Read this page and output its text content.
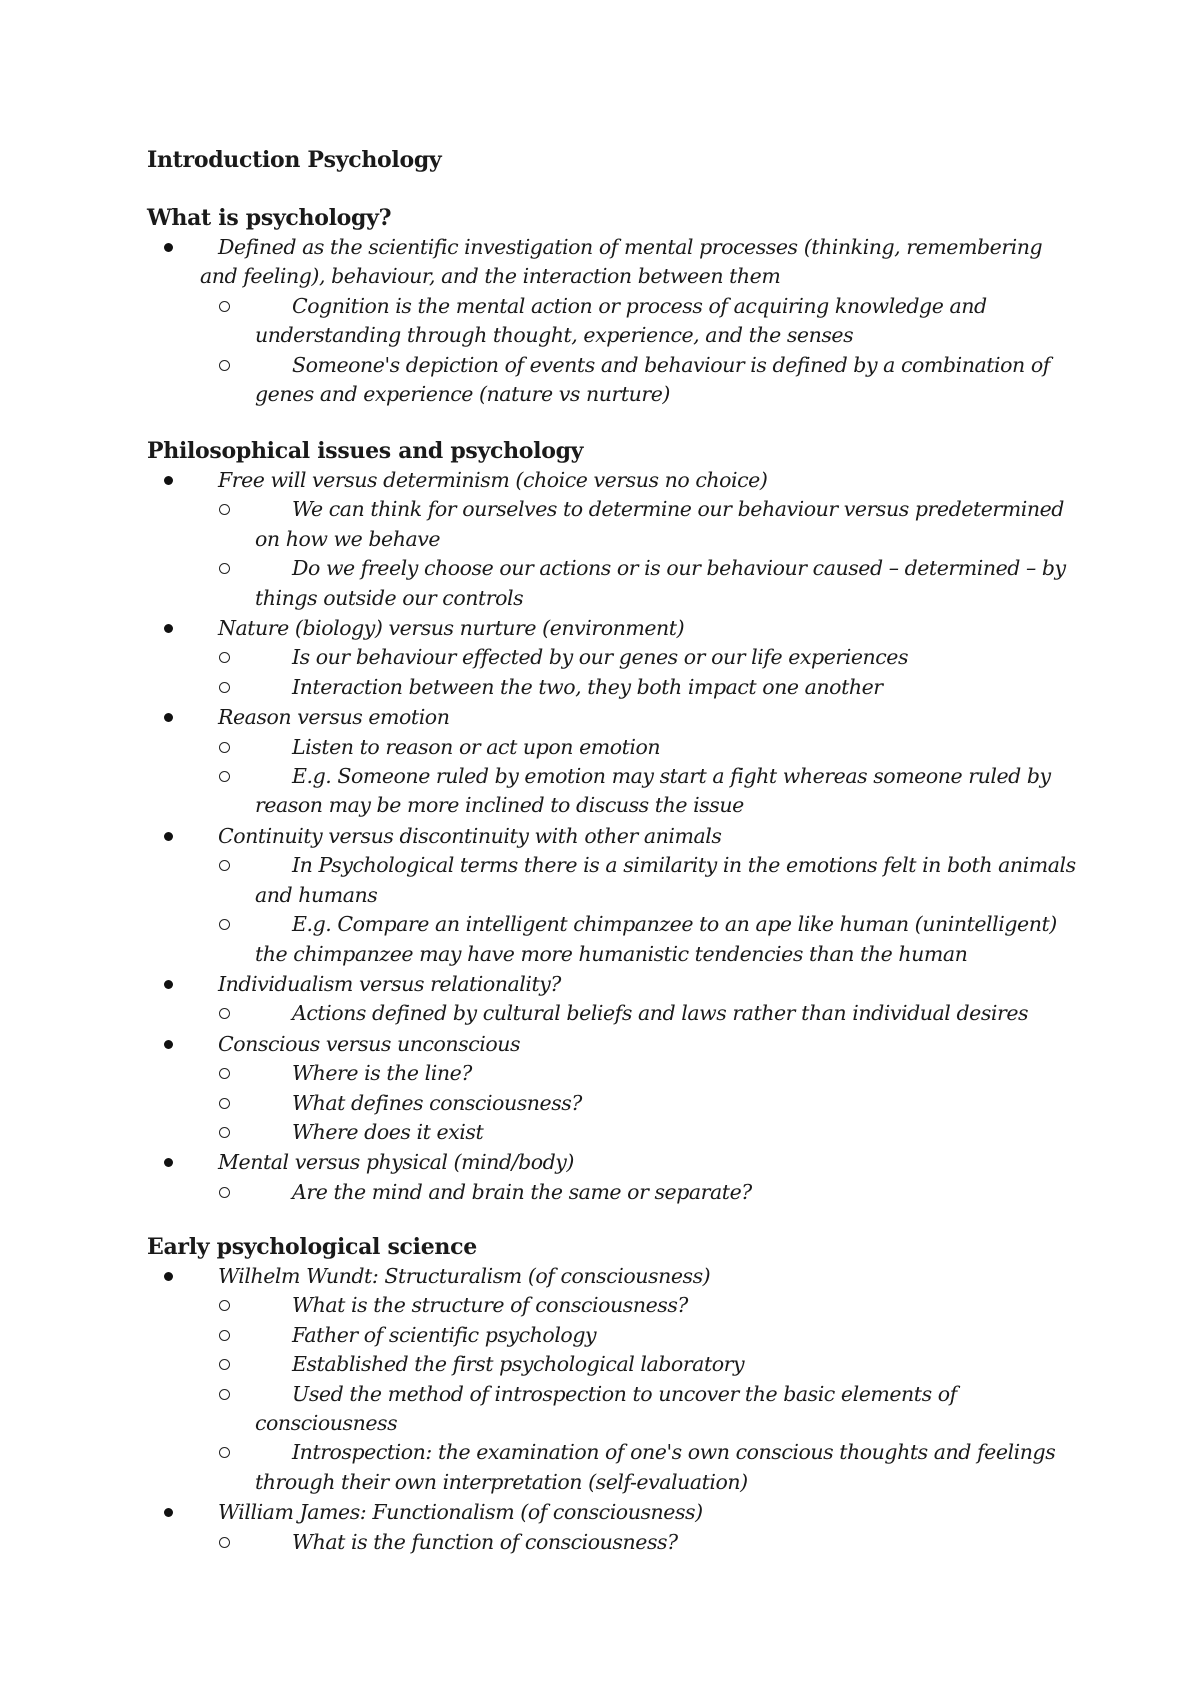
Introduction Psychology
What is psychology?
Defined as the scientific investigation of mental processes (thinking, remembering and feeling), behaviour, and the interaction between them
Cognition is the mental action or process of acquiring knowledge and understanding through thought, experience, and the senses
Someone's depiction of events and behaviour is defined by a combination of genes and experience (nature vs nurture)
Philosophical issues and psychology
Free will versus determinism (choice versus no choice)
We can think for ourselves to determine our behaviour versus predetermined on how we behave
Do we freely choose our actions or is our behaviour caused – determined – by things outside our controls
Nature (biology) versus nurture (environment)
Is our behaviour effected by our genes or our life experiences
Interaction between the two, they both impact one another
Reason versus emotion
Listen to reason or act upon emotion
E.g. Someone ruled by emotion may start a fight whereas someone ruled by reason may be more inclined to discuss the issue
Continuity versus discontinuity with other animals
In Psychological terms there is a similarity in the emotions felt in both animals and humans
E.g. Compare an intelligent chimpanzee to an ape like human (unintelligent) the chimpanzee may have more humanistic tendencies than the human
Individualism versus relationality?
Actions defined by cultural beliefs and laws rather than individual desires
Conscious versus unconscious
Where is the line?
What defines consciousness?
Where does it exist
Mental versus physical (mind/body)
Are the mind and brain the same or separate?
Early psychological science
Wilhelm Wundt: Structuralism (of consciousness)
What is the structure of consciousness?
Father of scientific psychology
Established the first psychological laboratory
Used the method of introspection to uncover the basic elements of consciousness
Introspection: the examination of one's own conscious thoughts and feelings through their own interpretation (self-evaluation)
William James: Functionalism (of consciousness)
What is the function of consciousness?
